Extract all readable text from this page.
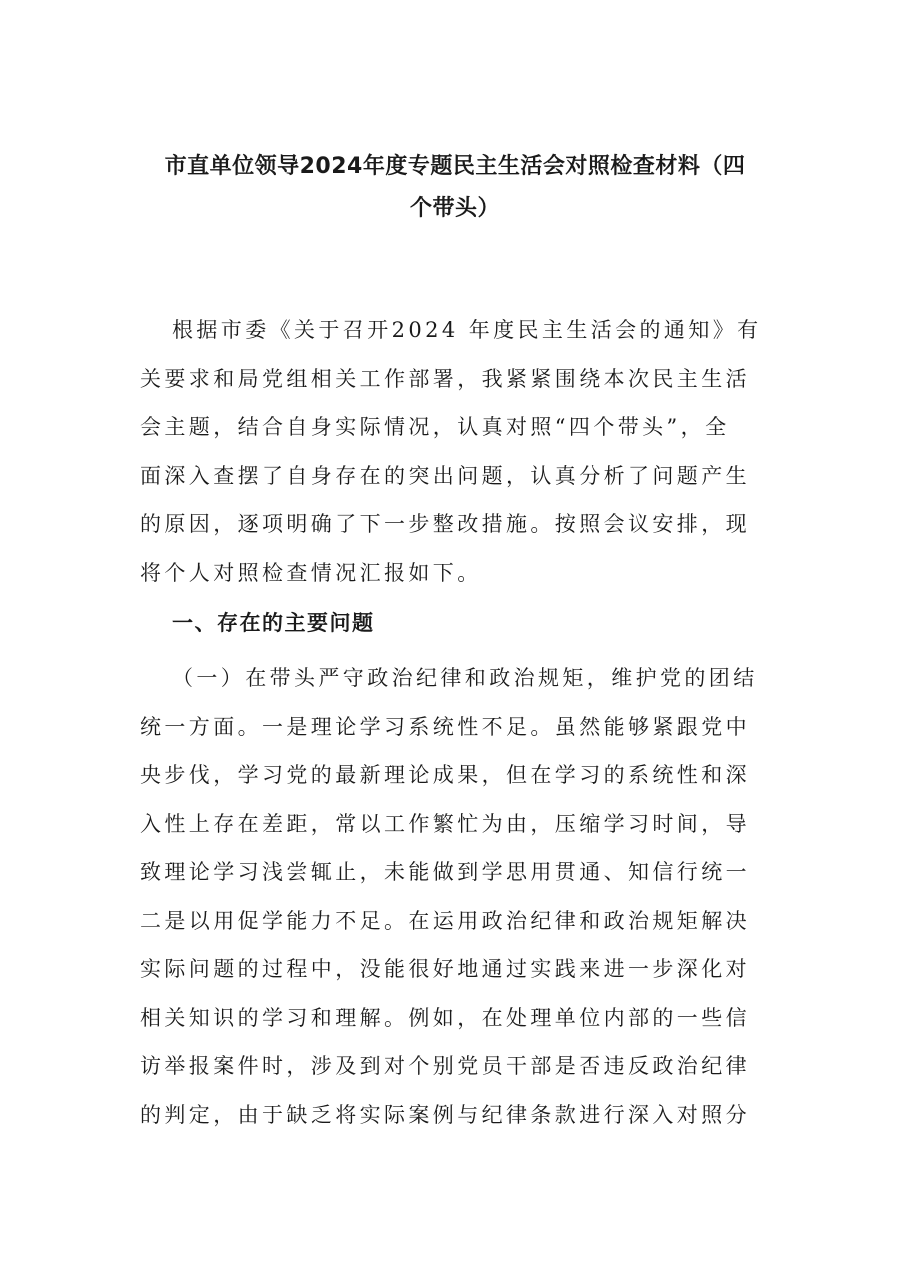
市直单位领导2024年度专题民主生活会对照检查材料（四
个带头）
根据市委《关于召开2024 年度民主生活会的通知》有
关要求和局党组相关工作部署，我紧紧围绕本次民主生活
会主题，结合自身实际情况，认真对照“四个带头”，全
面深入查摆了自身存在的突出问题，认真分析了问题产生
的原因，逐项明确了下一步整改措施。按照会议安排，现
将个人对照检查情况汇报如下。
一、存在的主要问题
（一）在带头严守政治纪律和政治规矩，维护党的团结
统一方面。一是理论学习系统性不足。虽然能够紧跟党中
央步伐，学习党的最新理论成果，但在学习的系统性和深
入性上存在差距，常以工作繁忙为由，压缩学习时间，导
致理论学习浅尝辄止，未能做到学思用贯通、知信行统一
二是以用促学能力不足。在运用政治纪律和政治规矩解决
实际问题的过程中，没能很好地通过实践来进一步深化对
相关知识的学习和理解。例如，在处理单位内部的一些信
访举报案件时，涉及到对个别党员干部是否违反政治纪律
的判定，由于缺乏将实际案例与纪律条款进行深入对照分
